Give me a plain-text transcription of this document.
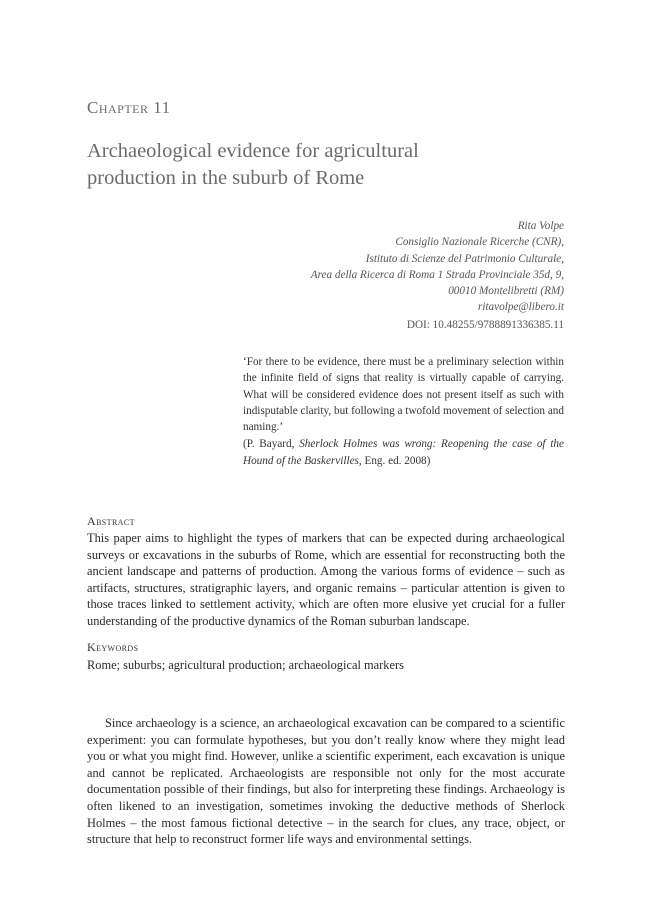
Chapter 11
Archaeological evidence for agricultural
production in the suburb of Rome
Rita Volpe
Consiglio Nazionale Ricerche (CNR),
Istituto di Scienze del Patrimonio Culturale,
Area della Ricerca di Roma 1 Strada Provinciale 35d, 9,
00010 Montelibretti (RM)
ritavolpe@libero.it
DOI: 10.48255/9788891336385.11
‘For there to be evidence, there must be a preliminary selection within the infinite field of signs that reality is virtually capable of carrying. What will be considered evidence does not present itself as such with indisputable clarity, but following a twofold movement of selection and naming.’
(P. Bayard, Sherlock Holmes was wrong: Reopening the case of the Hound of the Baskervilles, Eng. ed. 2008)
Abstract
This paper aims to highlight the types of markers that can be expected during archaeological surveys or excavations in the suburbs of Rome, which are essential for reconstructing both the ancient landscape and patterns of production. Among the various forms of evidence – such as artifacts, structures, stratigraphic layers, and organic remains – particular attention is given to those traces linked to settlement activity, which are often more elusive yet crucial for a fuller understanding of the productive dynamics of the Roman suburban landscape.
Keywords
Rome; suburbs; agricultural production; archaeological markers
Since archaeology is a science, an archaeological excavation can be compared to a scientific experiment: you can formulate hypotheses, but you don’t really know where they might lead you or what you might find. However, unlike a scientific experiment, each excavation is unique and cannot be replicated. Archaeologists are responsible not only for the most accurate documentation possible of their findings, but also for interpreting these findings. Archaeology is often likened to an investigation, sometimes invoking the deductive methods of Sherlock Holmes – the most famous fictional detective – in the search for clues, any trace, object, or structure that help to reconstruct former life ways and environmental settings.
